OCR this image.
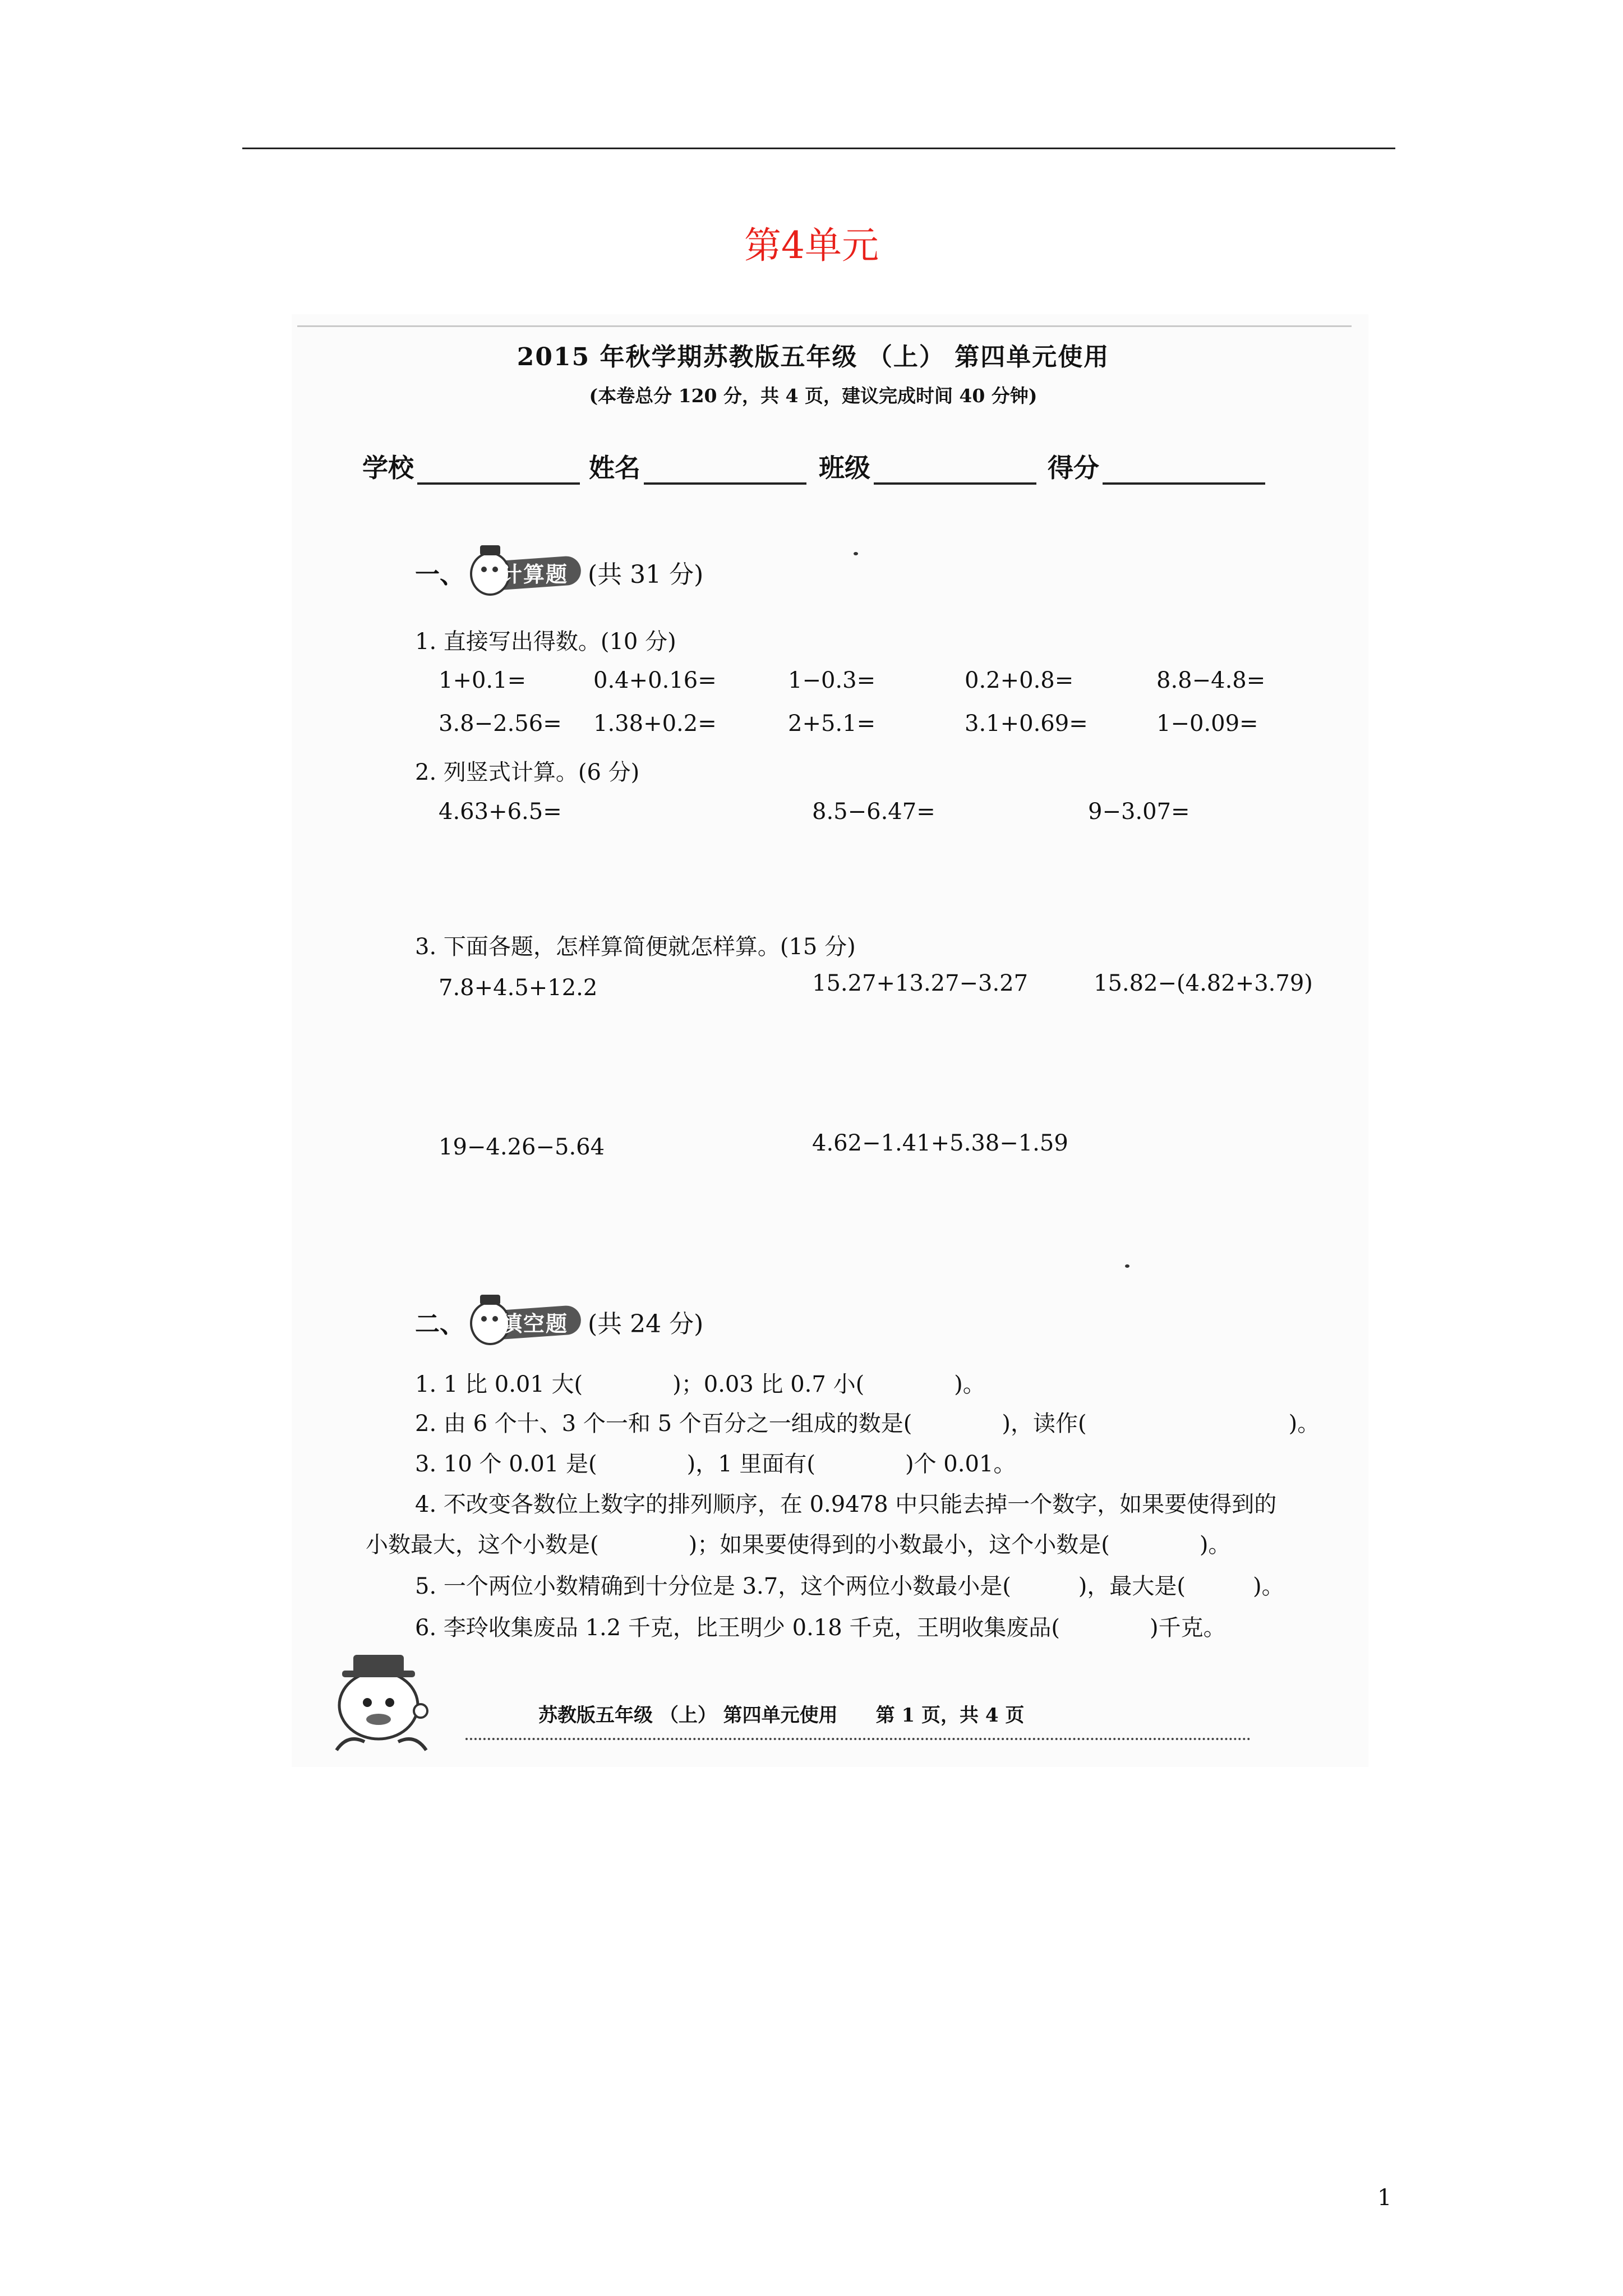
第4单元
2015 年秋学期苏教版五年级 （上） 第四单元使用
(本卷总分 120 分，共 4 页，建议完成时间 40 分钟)
学校	姓名	班级	得分
一、 计算题 (共 31 分)
1. 直接写出得数。(10 分)
1+0.1=	0.4+0.16=	1−0.3=	0.2+0.8=	8.8−4.8=
3.8−2.56= 1.38+0.2=	2+5.1=	3.1+0.69=	1−0.09=
2. 列竖式计算。(6 分)
4.63+6.5=	8.5−6.47=	9−3.07=
3. 下面各题，怎样算简便就怎样算。(15 分)
7.8+4.5+12.2	15.27+13.27−3.27	15.82−(4.82+3.79)
19−4.26−5.64	4.62−1.41+5.38−1.59
二、 填空题 (共 24 分)
1. 1 比 0.01 大(　　　　)；0.03 比 0.7 小(　　　　)。
2. 由 6 个十、3 个一和 5 个百分之一组成的数是(　　　　)，读作(　　　　　　　　　)。
3. 10 个 0.01 是(　　　　)，1 里面有(　　　　)个 0.01。
4. 不改变各数位上数字的排列顺序，在 0.9478 中只能去掉一个数字，如果要使得到的
小数最大，这个小数是(　　　　)；如果要使得到的小数最小，这个小数是(　　　　)。
5. 一个两位小数精确到十分位是 3.7，这个两位小数最小是(　　　)，最大是(　　　)。
6. 李玲收集废品 1.2 千克，比王明少 0.18 千克，王明收集废品(　　　　)千克。
苏教版五年级 （上） 第四单元使用　　第 1 页，共 4 页
1
